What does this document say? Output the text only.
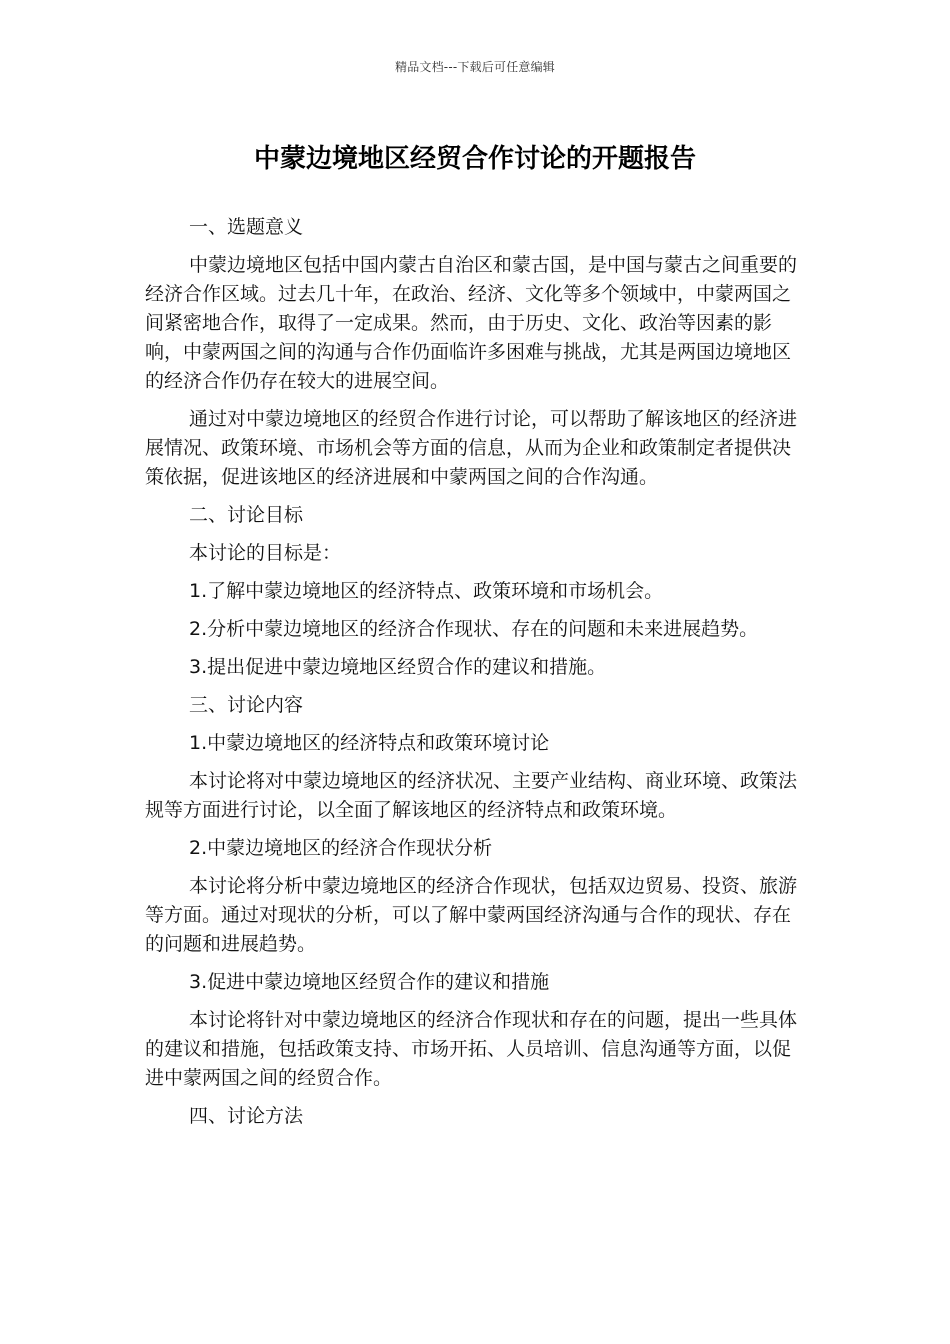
精品文档---下载后可任意编辑
中蒙边境地区经贸合作讨论的开题报告

一、选题意义

中蒙边境地区包括中国内蒙古自治区和蒙古国，是中国与蒙古之间重要的经济合作区域。过去几十年，在政治、经济、文化等多个领域中，中蒙两国之间紧密地合作，取得了一定成果。然而，由于历史、文化、政治等因素的影响，中蒙两国之间的沟通与合作仍面临许多困难与挑战，尤其是两国边境地区的经济合作仍存在较大的进展空间。

通过对中蒙边境地区的经贸合作进行讨论，可以帮助了解该地区的经济进展情况、政策环境、市场机会等方面的信息，从而为企业和政策制定者提供决策依据，促进该地区的经济进展和中蒙两国之间的合作沟通。

二、讨论目标

本讨论的目标是：

1.了解中蒙边境地区的经济特点、政策环境和市场机会。

2.分析中蒙边境地区的经济合作现状、存在的问题和未来进展趋势。

3.提出促进中蒙边境地区经贸合作的建议和措施。

三、讨论内容

1.中蒙边境地区的经济特点和政策环境讨论

本讨论将对中蒙边境地区的经济状况、主要产业结构、商业环境、政策法规等方面进行讨论，以全面了解该地区的经济特点和政策环境。

2.中蒙边境地区的经济合作现状分析

本讨论将分析中蒙边境地区的经济合作现状，包括双边贸易、投资、旅游等方面。通过对现状的分析，可以了解中蒙两国经济沟通与合作的现状、存在的问题和进展趋势。

3.促进中蒙边境地区经贸合作的建议和措施

本讨论将针对中蒙边境地区的经济合作现状和存在的问题，提出一些具体的建议和措施，包括政策支持、市场开拓、人员培训、信息沟通等方面，以促进中蒙两国之间的经贸合作。

四、讨论方法
